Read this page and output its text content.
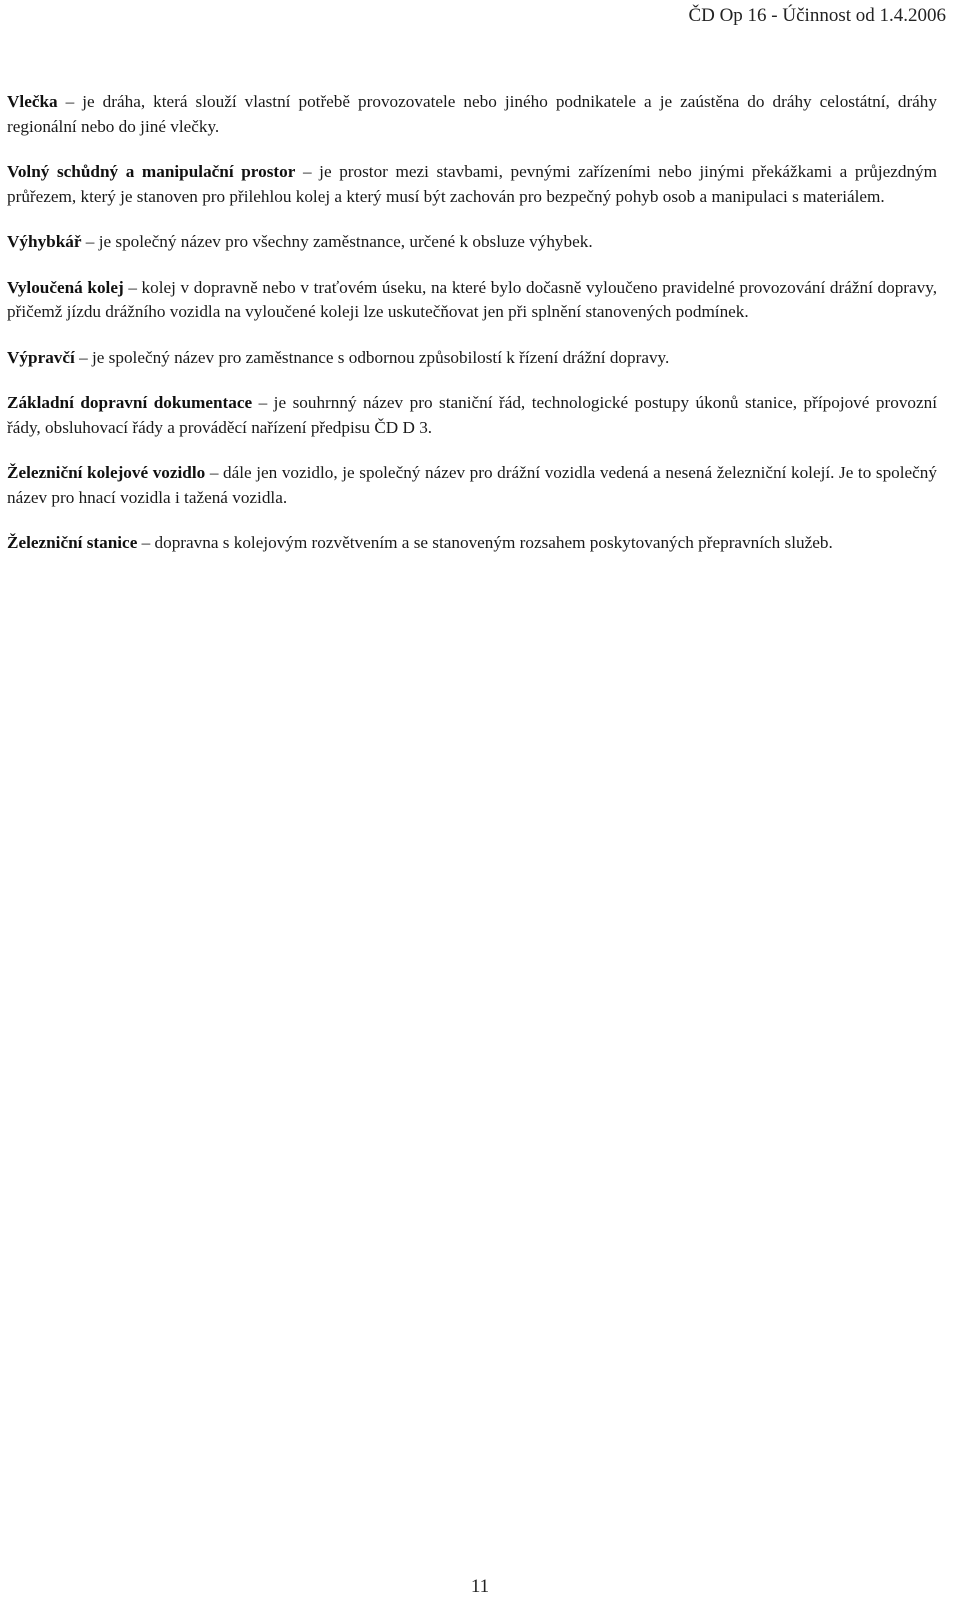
ČD Op 16 - Účinnost od 1.4.2006

Vlečka – je dráha, která slouží vlastní potřebě provozovatele nebo jiného podnikatele a je zaústěna do dráhy celostátní, dráhy regionální nebo do jiné vlečky.

Volný schůdný a manipulační prostor – je prostor mezi stavbami, pevnými zařízeními nebo jinými překážkami a průjezdným průřezem, který je stanoven pro přilehlou kolej a který musí být zachován pro bezpečný pohyb osob a manipulaci s materiálem.

Výhybkář – je společný název pro všechny zaměstnance, určené k obsluze výhybek.

Vyloučená kolej – kolej v dopravně nebo v traťovém úseku, na které bylo dočasně vyloučeno pravidelné provozování drážní dopravy, přičemž jízdu drážního vozidla na vyloučené koleji lze uskutečňovat jen při splnění stanovených podmínek.

Výpravčí – je společný název pro zaměstnance s odbornou způsobilostí k řízení drážní dopravy.

Základní dopravní dokumentace – je souhrnný název pro staniční řád, technologické postupy úkonů stanice, přípojové provozní řády, obsluhovací řády a prováděcí nařízení předpisu ČD D 3.

Železniční kolejové vozidlo – dále jen vozidlo, je společný název pro drážní vozidla vedená a nesená železniční kolejí. Je to společný název pro hnací vozidla i tažená vozidla.

Železniční stanice – dopravna s kolejovým rozvětvením a se stanoveným rozsahem poskytovaných přepravních služeb.

11
